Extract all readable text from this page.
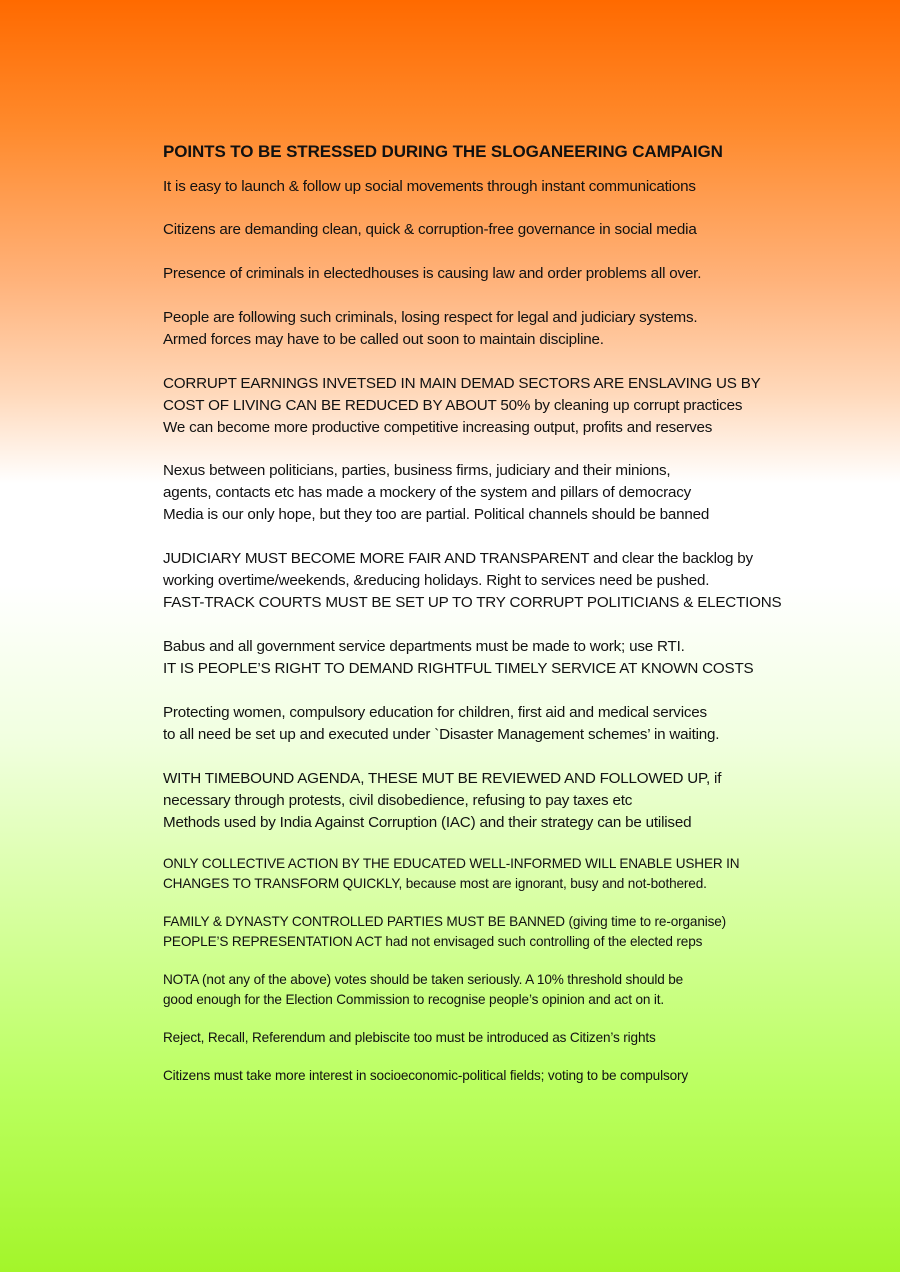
POINTS TO BE STRESSED DURING THE SLOGANEERING CAMPAIGN
It is easy to launch & follow up social movements through instant communications
Citizens are demanding clean, quick & corruption-free governance in social media
Presence of criminals in electedhouses is causing law and order problems all over.
People are following such criminals, losing respect for legal and judiciary systems.
Armed forces may have to be called out soon to maintain discipline.
CORRUPT EARNINGS INVETSED IN MAIN DEMAD SECTORS ARE ENSLAVING US BY
COST OF LIVING CAN BE REDUCED BY ABOUT 50% by cleaning up corrupt practices
We can become more productive competitive increasing output, profits and reserves
Nexus between politicians, parties, business firms, judiciary and their minions,
agents, contacts etc has made a mockery of the system and pillars of democracy
Media is our only hope, but they too are partial. Political channels should be banned
JUDICIARY MUST BECOME MORE FAIR AND TRANSPARENT and clear the backlog by
working overtime/weekends, &reducing holidays. Right to services need be pushed.
FAST-TRACK COURTS MUST BE SET UP TO TRY CORRUPT POLITICIANS & ELECTIONS
Babus and all government service departments must be made to work; use RTI.
IT IS PEOPLE’S RIGHT TO DEMAND RIGHTFUL TIMELY SERVICE AT KNOWN COSTS
Protecting women, compulsory education for children, first aid and medical services
to all need be set up and executed under `Disaster Management schemes’ in waiting.
WITH TIMEBOUND AGENDA, THESE MUT BE REVIEWED AND FOLLOWED UP, if
necessary through protests, civil disobedience, refusing to pay taxes etc
Methods used by India Against Corruption (IAC) and their strategy can be utilised
ONLY COLLECTIVE ACTION BY THE EDUCATED WELL-INFORMED WILL ENABLE USHER IN
CHANGES TO TRANSFORM QUICKLY, because most are ignorant, busy and not-bothered.
FAMILY & DYNASTY CONTROLLED PARTIES MUST BE BANNED (giving time to re-organise)
PEOPLE’S REPRESENTATION ACT had not envisaged such controlling of the elected reps
NOTA (not any of the above) votes should be taken seriously. A 10% threshold should be
good enough for the Election Commission to recognise people’s opinion and act on it.
Reject, Recall, Referendum and plebiscite too must be introduced as Citizen’s rights
Citizens must take more interest in socioeconomic-political fields; voting to be compulsory
